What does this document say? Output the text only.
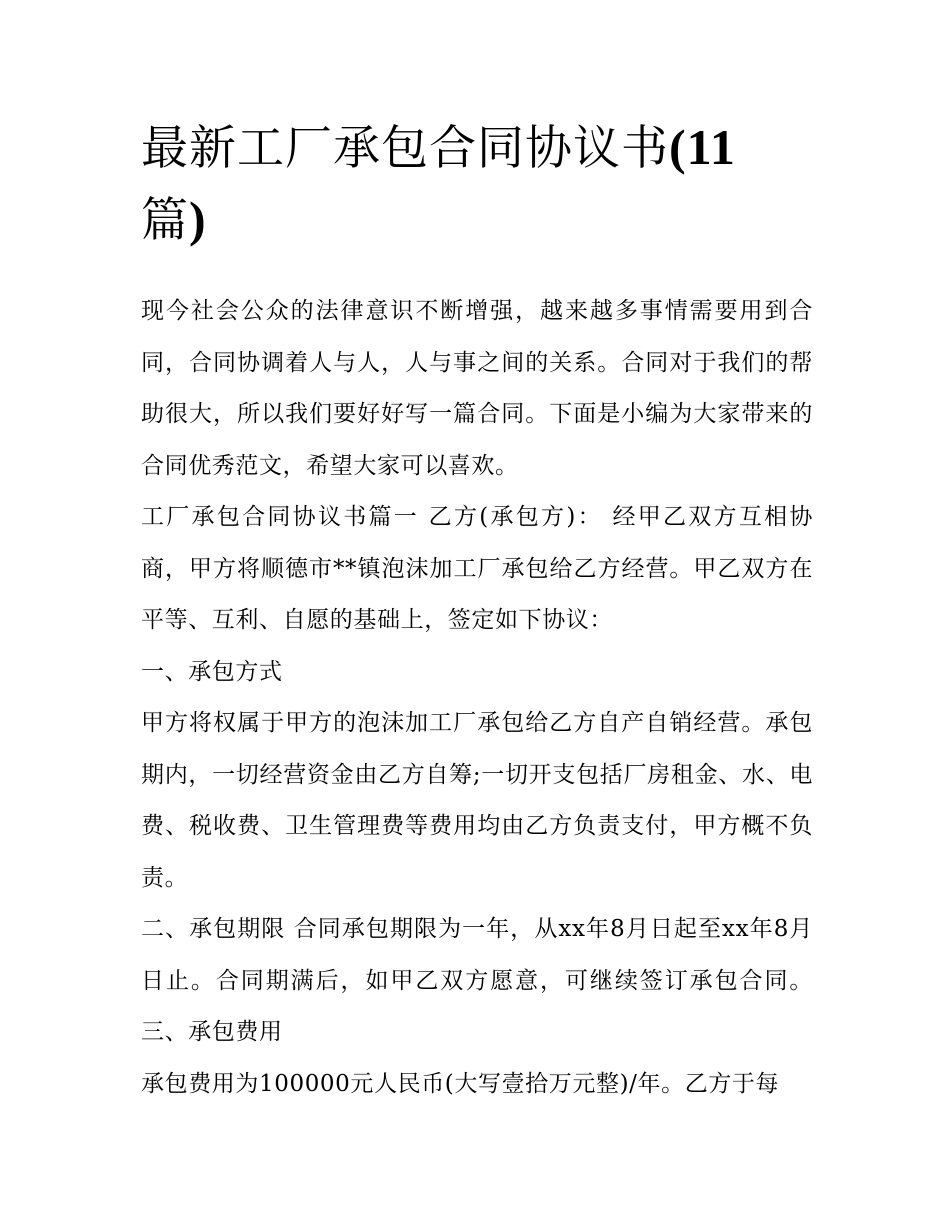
最新工厂承包合同协议书(11
篇)

现今社会公众的法律意识不断增强，越来越多事情需要用到合同，合同协调着人与人，人与事之间的关系。合同对于我们的帮助很大，所以我们要好好写一篇合同。下面是小编为大家带来的合同优秀范文，希望大家可以喜欢。

工厂承包合同协议书篇一 乙方(承包方)： 经甲乙双方互相协商，甲方将顺德市**镇泡沫加工厂承包给乙方经营。甲乙双方在平等、互利、自愿的基础上，签定如下协议：

一、承包方式

甲方将权属于甲方的泡沫加工厂承包给乙方自产自销经营。承包期内，一切经营资金由乙方自筹;一切开支包括厂房租金、水、电费、税收费、卫生管理费等费用均由乙方负责支付，甲方概不负责。

二、承包期限 合同承包期限为一年，从xx年8月日起至xx年8月日止。合同期满后，如甲乙双方愿意，可继续签订承包合同。 三、承包费用

承包费用为100000元人民币(大写壹拾万元整)/年。乙方于每
